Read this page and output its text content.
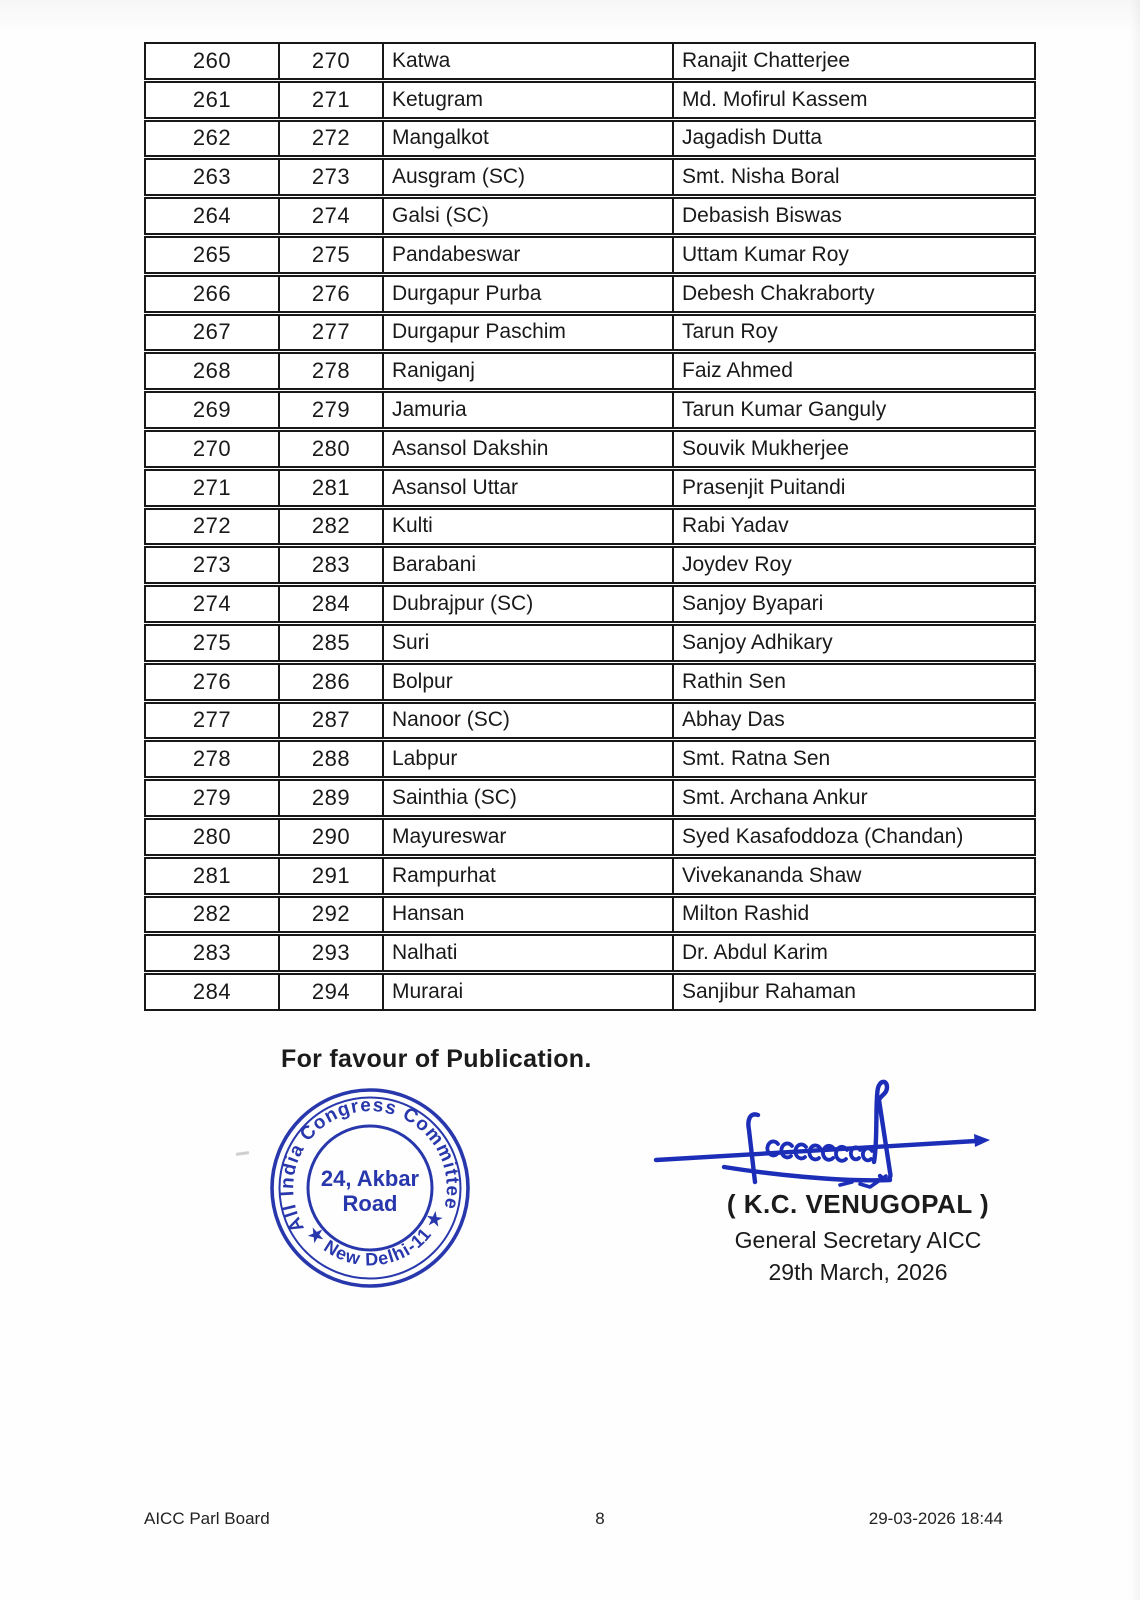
260	270	Katwa	Ranajit Chatterjee
261	271	Ketugram	Md. Mofirul Kassem
262	272	Mangalkot	Jagadish Dutta
263	273	Ausgram (SC)	Smt. Nisha Boral
264	274	Galsi (SC)	Debasish Biswas
265	275	Pandabeswar	Uttam Kumar Roy
266	276	Durgapur Purba	Debesh Chakraborty
267	277	Durgapur Paschim	Tarun Roy
268	278	Raniganj	Faiz Ahmed
269	279	Jamuria	Tarun Kumar Ganguly
270	280	Asansol Dakshin	Souvik Mukherjee
271	281	Asansol Uttar	Prasenjit Puitandi
272	282	Kulti	Rabi Yadav
273	283	Barabani	Joydev Roy
274	284	Dubrajpur (SC)	Sanjoy Byapari
275	285	Suri	Sanjoy Adhikary
276	286	Bolpur	Rathin Sen
277	287	Nanoor (SC)	Abhay Das
278	288	Labpur	Smt. Ratna Sen
279	289	Sainthia (SC)	Smt. Archana Ankur
280	290	Mayureswar	Syed Kasafoddoza (Chandan)
281	291	Rampurhat	Vivekananda Shaw
282	292	Hansan	Milton Rashid
283	293	Nalhati	Dr. Abdul Karim
284	294	Murarai	Sanjibur Rahaman
For favour of Publication.
All India Congress Committee
★ New Delhi-11 ★
24, Akbar
Road	( K.C. VENUGOPAL )
General Secretary AICC
29th March, 2026
AICC Parl Board	8	29-03-2026 18:44
